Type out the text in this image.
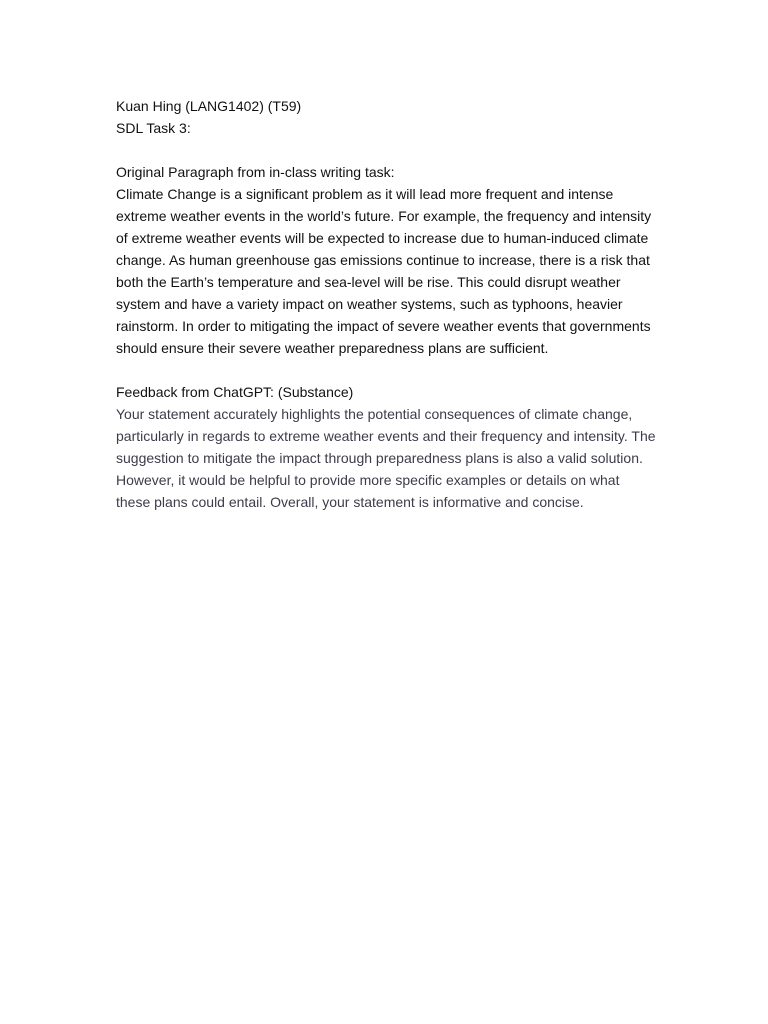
Kuan Hing (LANG1402) (T59)

SDL Task 3:

Original Paragraph from in-class writing task:

Climate Change is a significant problem as it will lead more frequent and intense extreme weather events in the world’s future. For example, the frequency and intensity of extreme weather events will be expected to increase due to human-induced climate change. As human greenhouse gas emissions continue to increase, there is a risk that both the Earth’s temperature and sea-level will be rise. This could disrupt weather system and have a variety impact on weather systems, such as typhoons, heavier rainstorm. In order to mitigating the impact of severe weather events that governments should ensure their severe weather preparedness plans are sufficient.

Feedback from ChatGPT: (Substance)

Your statement accurately highlights the potential consequences of climate change, particularly in regards to extreme weather events and their frequency and intensity. The suggestion to mitigate the impact through preparedness plans is also a valid solution. However, it would be helpful to provide more specific examples or details on what these plans could entail. Overall, your statement is informative and concise.
